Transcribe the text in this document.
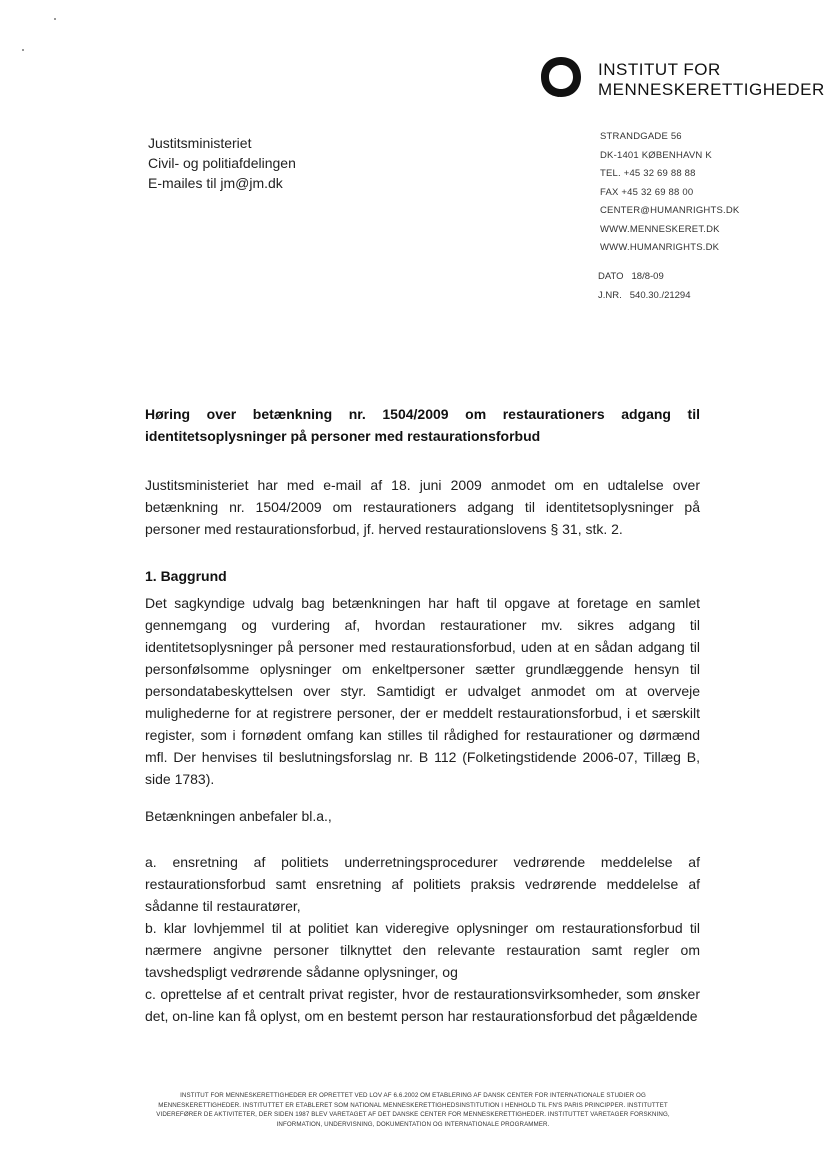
INSTITUT FOR
MENNESKERETTIGHEDER
Justitsministeriet
Civil- og politiafdelingen
E-mailes til jm@jm.dk
STRANDGADE 56
DK-1401 KØBENHAVN K
TEL. +45 32 69 88 88
FAX +45 32 69 88 00
CENTER@HUMANRIGHTS.DK
WWW.MENNESKERET.DK
WWW.HUMANRIGHTS.DK
DATO 18/8-09
J.NR. 540.30./21294
Høring over betænkning nr. 1504/2009 om restaurationers adgang til identitetsoplysninger på personer med restaurationsforbud
Justitsministeriet har med e-mail af 18. juni 2009 anmodet om en udtalelse over betænkning nr. 1504/2009 om restaurationers adgang til identitetsoplysninger på personer med restaurationsforbud, jf. herved restaurationslovens § 31, stk. 2.
1. Baggrund
Det sagkyndige udvalg bag betænkningen har haft til opgave at foretage en samlet gennemgang og vurdering af, hvordan restaurationer mv. sikres adgang til identitetsoplysninger på personer med restaurationsforbud, uden at en sådan adgang til personfølsomme oplysninger om enkeltpersoner sætter grundlæggende hensyn til persondatabeskyttelsen over styr. Samtidigt er udvalget anmodet om at overveje mulighederne for at registrere personer, der er meddelt restaurationsforbud, i et særskilt register, som i fornødent omfang kan stilles til rådighed for restaurationer og dørmænd mfl. Der henvises til beslutningsforslag nr. B 112 (Folketingstidende 2006-07, Tillæg B, side 1783).
Betænkningen anbefaler bl.a.,
a. ensretning af politiets underretningsprocedurer vedrørende meddelelse af restaurationsforbud samt ensretning af politiets praksis vedrørende meddelelse af sådanne til restauratører,
b. klar lovhjemmel til at politiet kan videregive oplysninger om restaurationsforbud til nærmere angivne personer tilknyttet den relevante restauration samt regler om tavshedspligt vedrørende sådanne oplysninger, og
c. oprettelse af et centralt privat register, hvor de restaurationsvirksomheder, som ønsker det, on-line kan få oplyst, om en bestemt person har restaurationsforbud det pågældende
INSTITUT FOR MENNESKERETTIGHEDER ER OPRETTET VED LOV AF 6.6.2002 OM ETABLERING AF DANSK CENTER FOR INTERNATIONALE STUDIER OG MENNESKERETTIGHEDER. INSTITUTTET ER ETABLERET SOM NATIONAL MENNESKERETTIGHEDSINSTITUTION I HENHOLD TIL FN'S PARIS PRINCIPPER. INSTITUTTET VIDEREFØRER DE AKTIVITETER, DER SIDEN 1987 BLEV VARETAGET AF DET DANSKE CENTER FOR MENNESKERETTIGHEDER. INSTITUTTET VARETAGER FORSKNING, INFORMATION, UNDERVISNING, DOKUMENTATION OG INTERNATIONALE PROGRAMMER.
